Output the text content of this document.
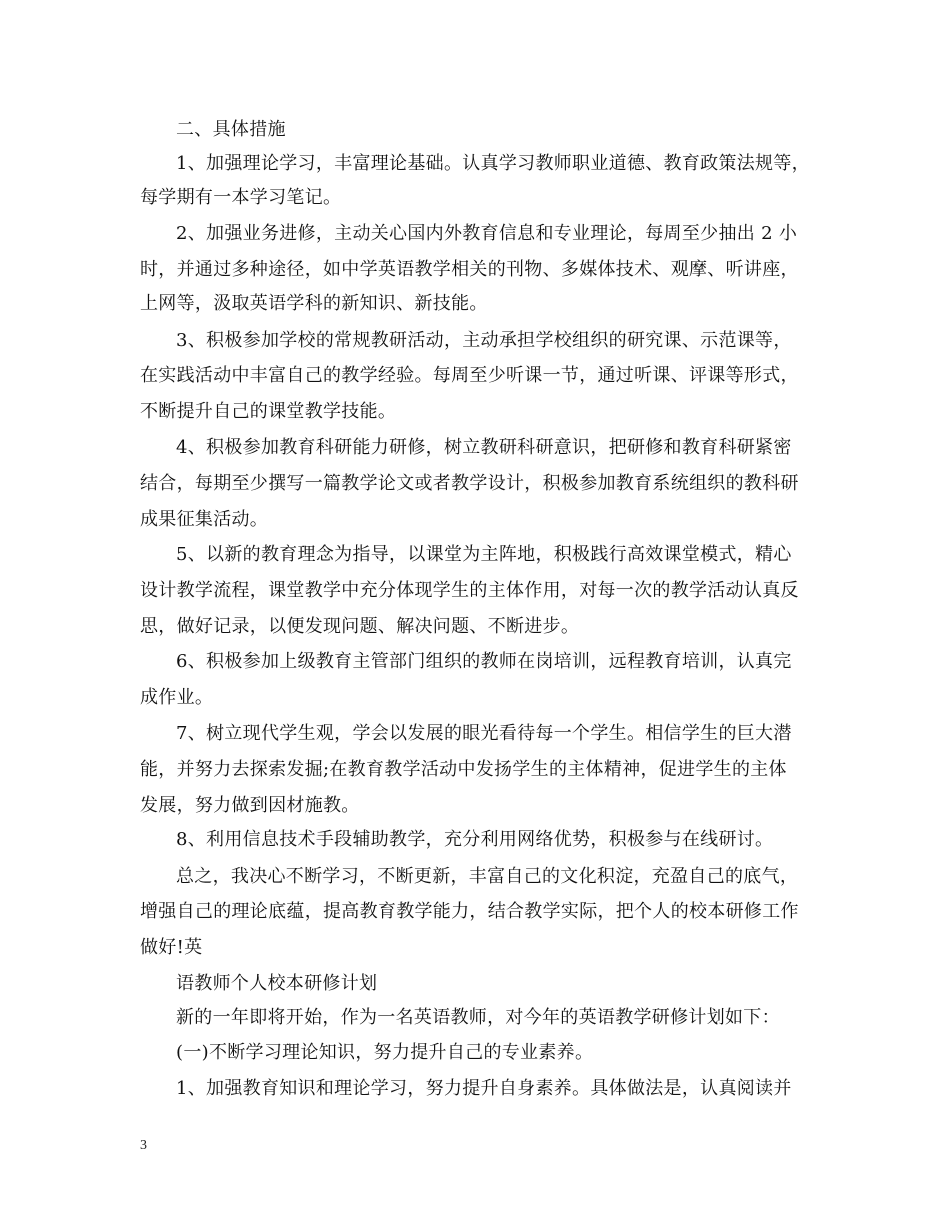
二、具体措施
1、加强理论学习，丰富理论基础。认真学习教师职业道德、教育政策法规等，
每学期有一本学习笔记。
2、加强业务进修，主动关心国内外教育信息和专业理论，每周至少抽出 2 小
时，并通过多种途径，如中学英语教学相关的刊物、多媒体技术、观摩、听讲座，
上网等，汲取英语学科的新知识、新技能。
3、积极参加学校的常规教研活动，主动承担学校组织的研究课、示范课等，
在实践活动中丰富自己的教学经验。每周至少听课一节，通过听课、评课等形式，
不断提升自己的课堂教学技能。
4、积极参加教育科研能力研修，树立教研科研意识，把研修和教育科研紧密
结合，每期至少撰写一篇教学论文或者教学设计，积极参加教育系统组织的教科研
成果征集活动。
5、以新的教育理念为指导，以课堂为主阵地，积极践行高效课堂模式，精心
设计教学流程，课堂教学中充分体现学生的主体作用，对每一次的教学活动认真反
思，做好记录，以便发现问题、解决问题、不断进步。
6、积极参加上级教育主管部门组织的教师在岗培训，远程教育培训，认真完
成作业。
7、树立现代学生观，学会以发展的眼光看待每一个学生。相信学生的巨大潜
能，并努力去探索发掘;在教育教学活动中发扬学生的主体精神，促进学生的主体
发展，努力做到因材施教。
8、利用信息技术手段辅助教学，充分利用网络优势，积极参与在线研讨。
总之，我决心不断学习，不断更新，丰富自己的文化积淀，充盈自己的底气，
增强自己的理论底蕴，提高教育教学能力，结合教学实际，把个人的校本研修工作
做好!英
语教师个人校本研修计划
新的一年即将开始，作为一名英语教师，对今年的英语教学研修计划如下：
(一)不断学习理论知识，努力提升自己的专业素养。
1、加强教育知识和理论学习，努力提升自身素养。具体做法是，认真阅读并
3
